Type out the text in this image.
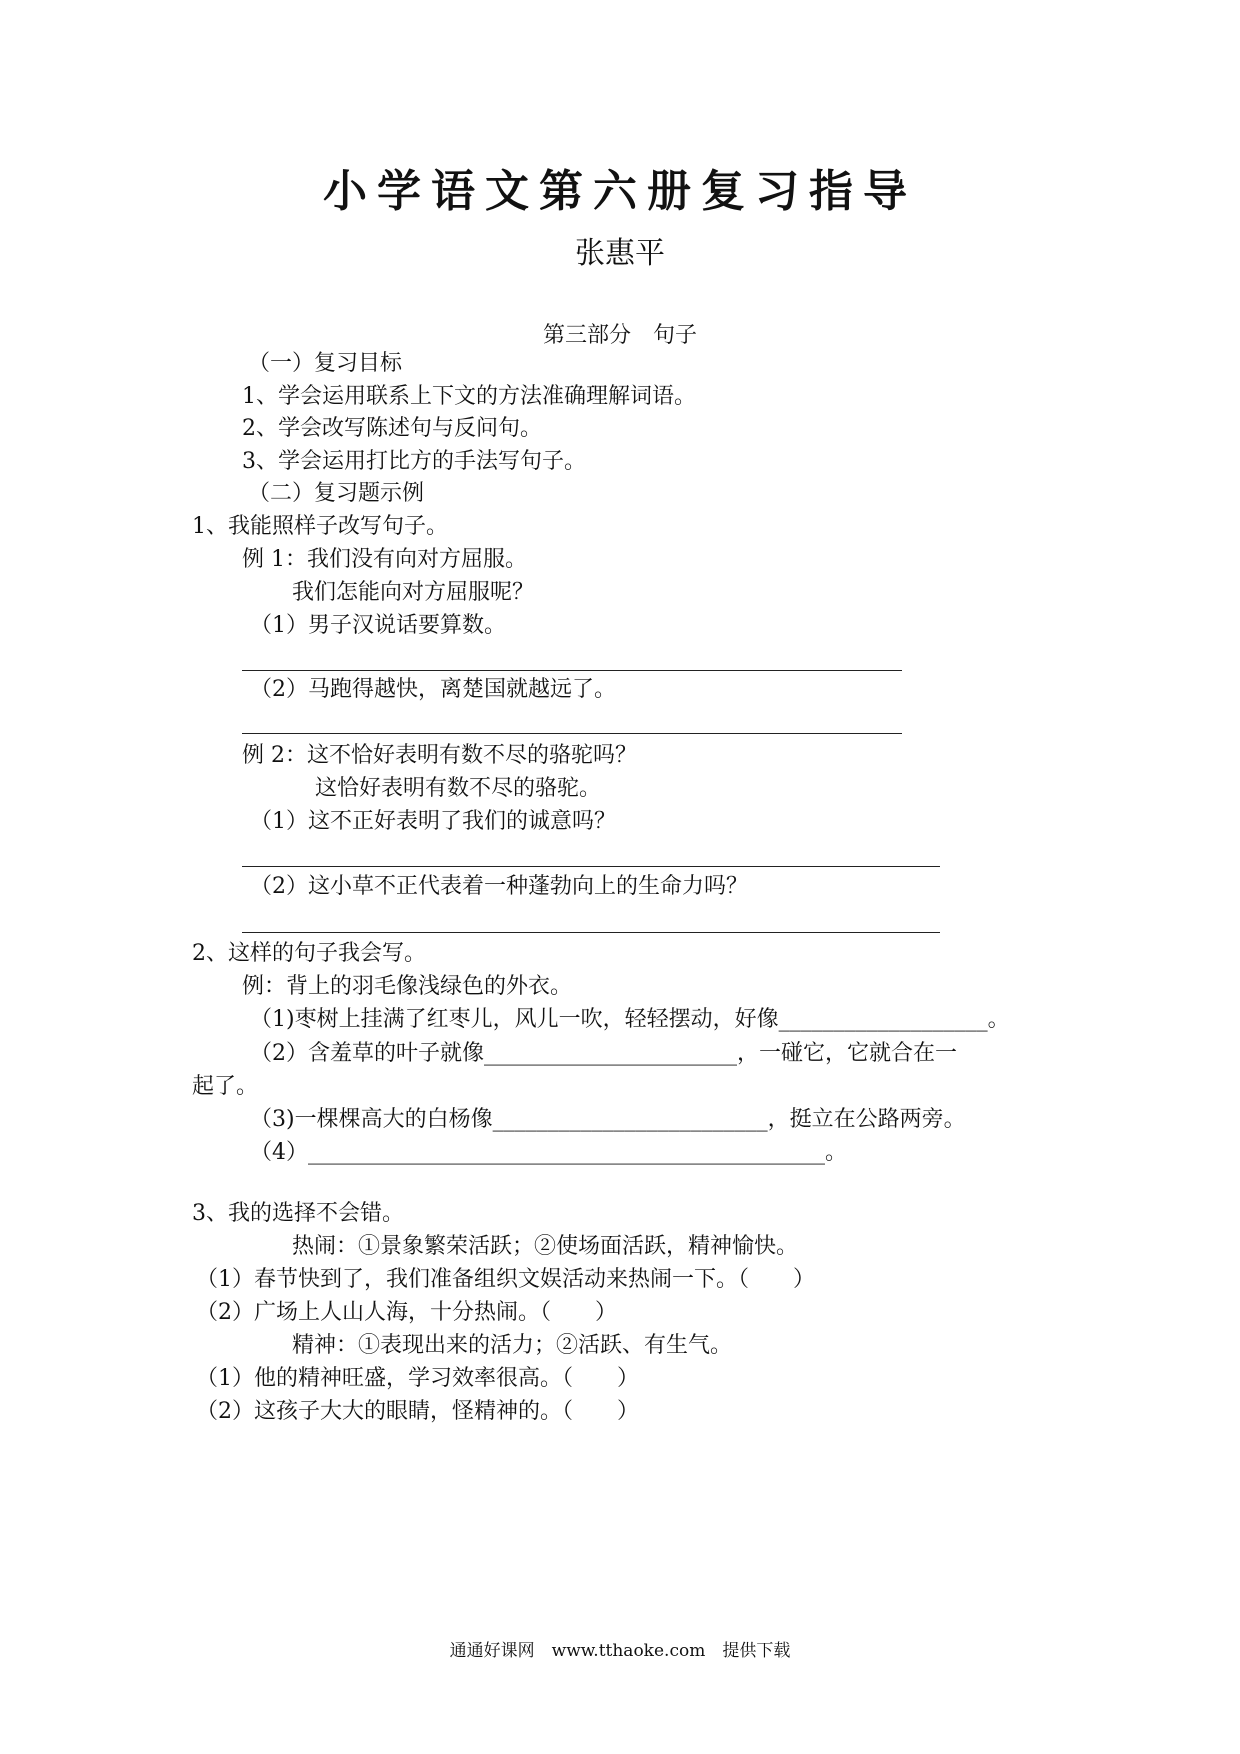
小学语文第六册复习指导
张惠平
第三部分　句子
（一）复习目标
1、学会运用联系上下文的方法准确理解词语。
2、学会改写陈述句与反问句。
3、学会运用打比方的手法写句子。
（二）复习题示例
1、我能照样子改写句子。
例 1：我们没有向对方屈服。
我们怎能向对方屈服呢？
（1）男子汉说话要算数。
（2）马跑得越快，离楚国就越远了。
例 2：这不恰好表明有数不尽的骆驼吗？
这恰好表明有数不尽的骆驼。
（1）这不正好表明了我们的诚意吗？
（2）这小草不正代表着一种蓬勃向上的生命力吗？
2、这样的句子我会写。
例：背上的羽毛像浅绿色的外衣。
（1)枣树上挂满了红枣儿，风儿一吹，轻轻摆动，好像___________________。
（2）含羞草的叶子就像_______________________，一碰它，它就合在一
起了。
（3)一棵棵高大的白杨像_________________________，挺立在公路两旁。
（4）_______________________________________________。
3、我的选择不会错。
热闹：①景象繁荣活跃；②使场面活跃，精神愉快。
（1）春节快到了，我们准备组织文娱活动来热闹一下。（　　）
（2）广场上人山人海，十分热闹。（　　）
精神：①表现出来的活力；②活跃、有生气。
（1）他的精神旺盛，学习效率很高。（　　）
（2）这孩子大大的眼睛，怪精神的。（　　）
通通好课网　www.tthaoke.com　提供下载
